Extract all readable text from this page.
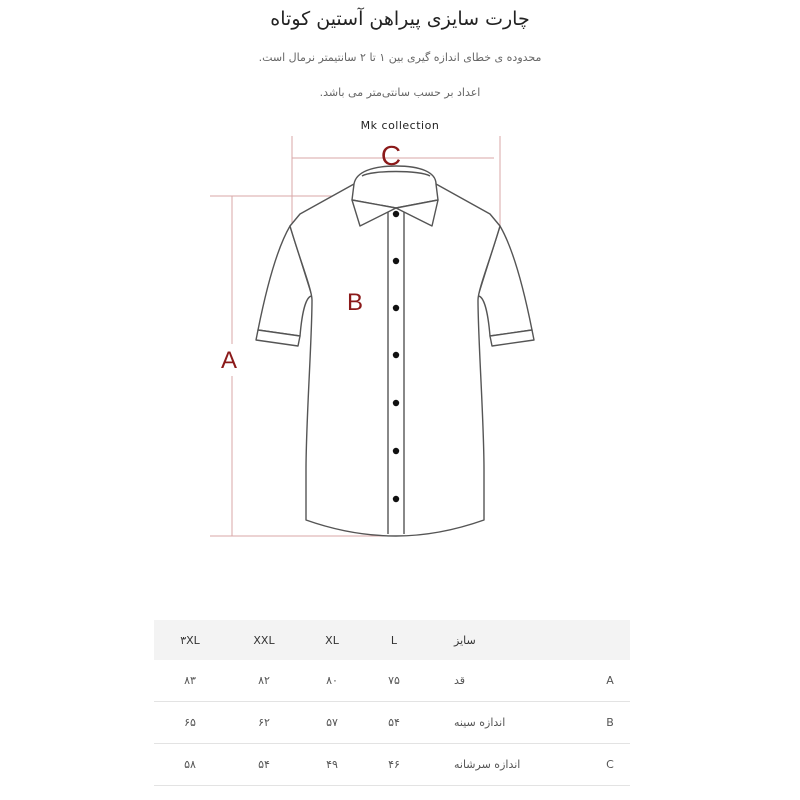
چارت سایزی پیراهن آستین کوتاه
محدوده ی خطای اندازه گیری بین ۱ تا ۲ سانتیمتر نرمال است.
اعداد بر حسب سانتی‌متر می باشد.
Mk collection
C
B
A
سایز
L
XL
XXL
۳XL
A
قد
۷۵
۸۰
۸۲
۸۳
B
اندازه سینه
۵۴
۵۷
۶۲
۶۵
C
اندازه سرشانه
۴۶
۴۹
۵۴
۵۸
